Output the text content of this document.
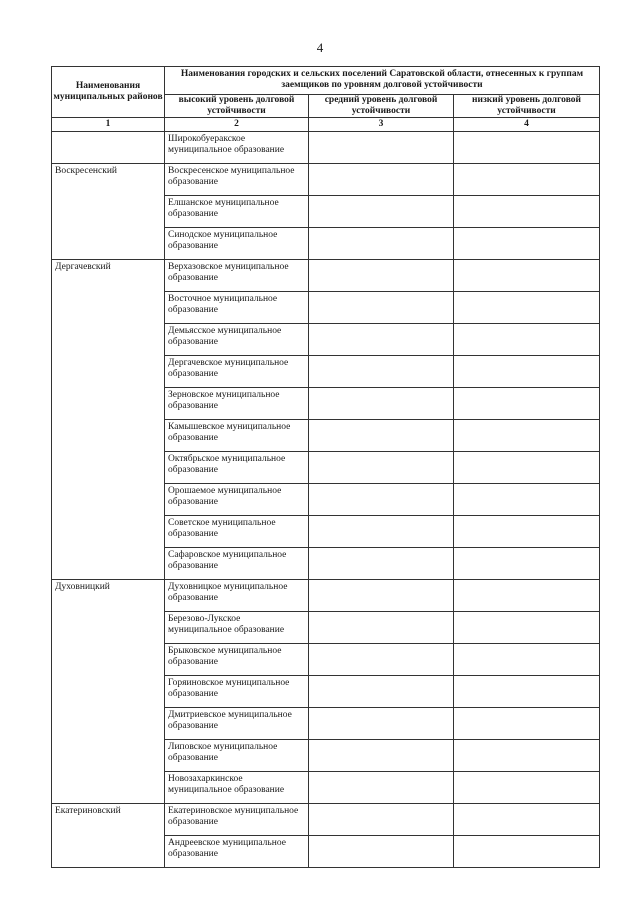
4
Наименования муниципальных районов	Наименования городских и сельских поселений Саратовской области, отнесенных к группам заемщиков по уровням долговой устойчивости		
	высокий уровень долговой устойчивости	средний уровень долговой устойчивости	низкий уровень долговой устойчивости
1	2	3	4
	Широкобуеракское муниципальное образование		
Воскресенский	Воскресенское муниципальное образование		
	Елшанское муниципальное образование		
	Синодское муниципальное образование		
Дергачевский	Верхазовское муниципальное образование		
	Восточное муниципальное образование		
	Демьясское муниципальное образование		
	Дергачевское муниципальное образование		
	Зерновское муниципальное образование		
	Камышевское муниципальное образование		
	Октябрьское муниципальное образование		
	Орошаемое муниципальное образование		
	Советское муниципальное образование		
	Сафаровское муниципальное образование		
Духовницкий	Духовницкое муниципальное образование		
	Березово-Лукское муниципальное образование		
	Брыковское муниципальное образование		
	Горяиновское муниципальное образование		
	Дмитриевское муниципальное образование		
	Липовское муниципальное образование		
	Новозахаркинское муниципальное образование		
Екатериновский	Екатериновское муниципальное образование		
	Андреевское муниципальное образование		
